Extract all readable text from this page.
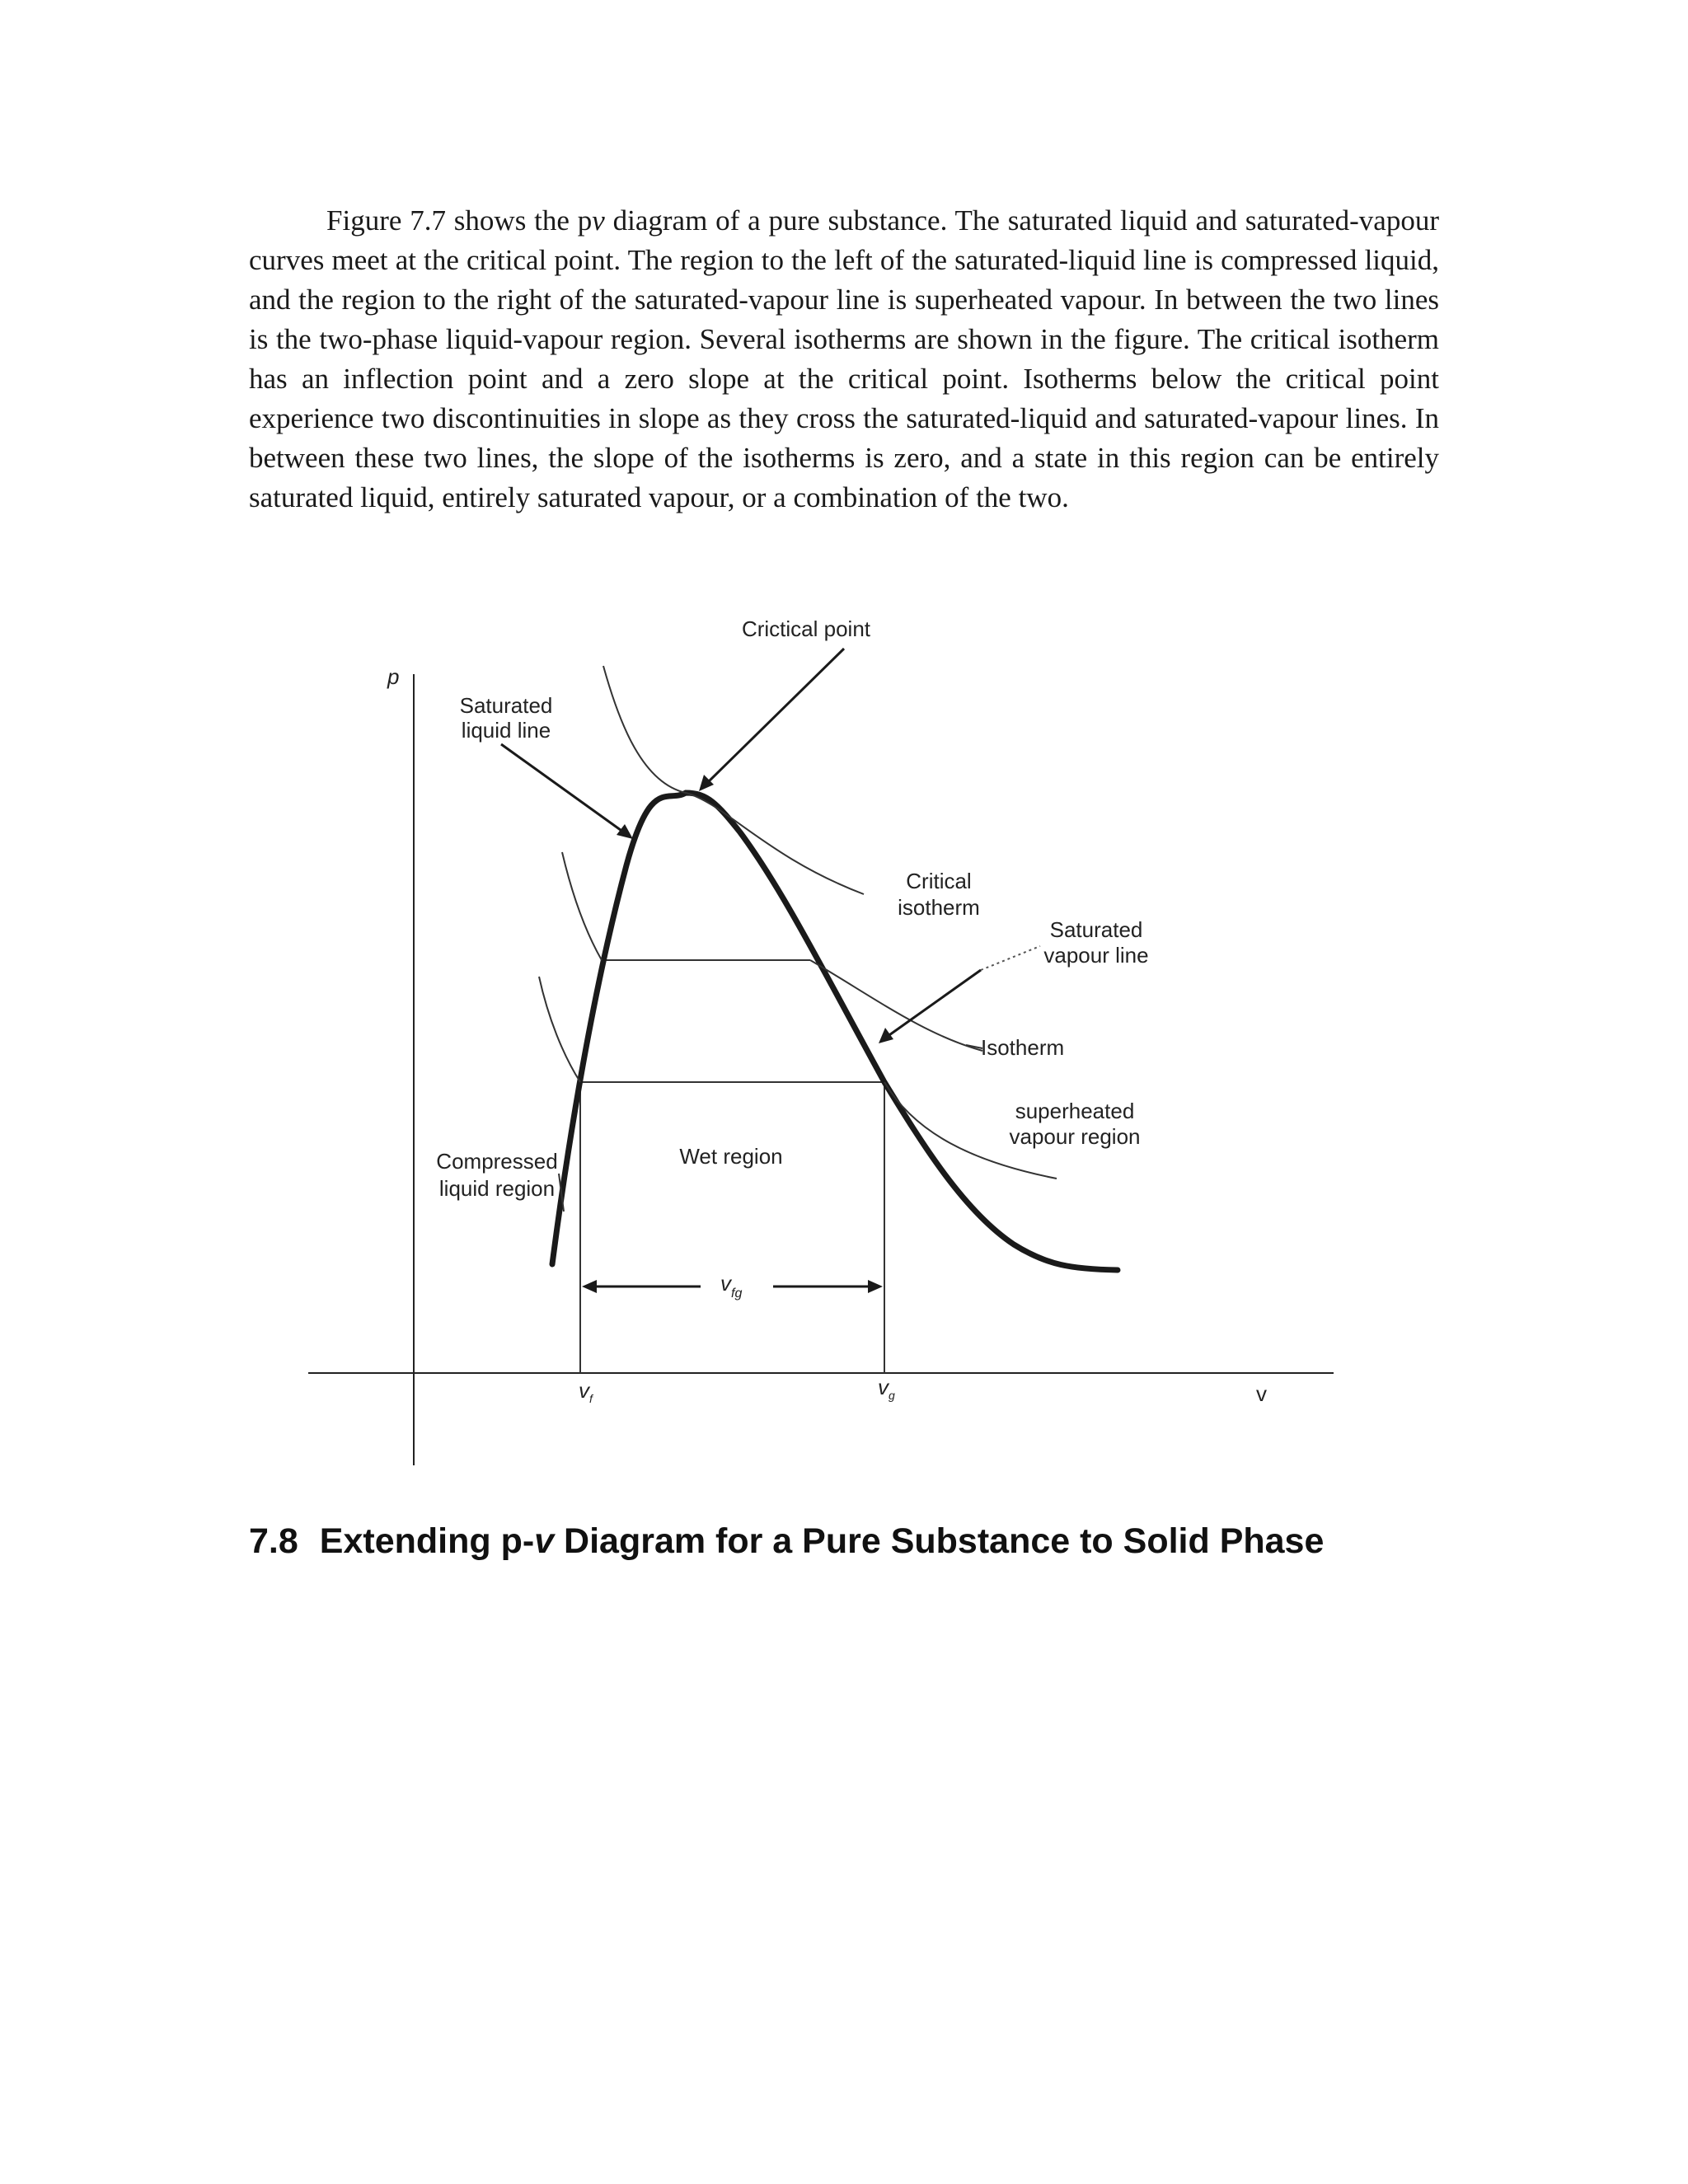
Figure 7.7 shows the pv diagram of a pure substance. The saturated liquid and saturated-vapour curves meet at the critical point. The region to the left of the saturated-liquid line is compressed liquid, and the region to the right of the saturated-vapour line is superheated vapour. In between the two lines is the two-phase liquid-vapour region. Several isotherms are shown in the figure. The critical isotherm has an inflection point and a zero slope at the critical point. Isotherms below the critical point experience two discontinuities in slope as they cross the saturated-liquid and saturated-vapour lines. In between these two lines, the slope of the isotherms is zero, and a state in this region can be entirely saturated liquid, entirely saturated vapour, or a combination of the two.

p
v
Crictical point
Saturated
liquid line
Critical
isotherm
Saturated
vapour line
Isotherm
superheated
vapour region
Compressed
liquid region
Wet region
$v_{fg}$
$v_f$	$v_g$
7.8 Extending p-v Diagram for a Pure Substance to Solid Phase
